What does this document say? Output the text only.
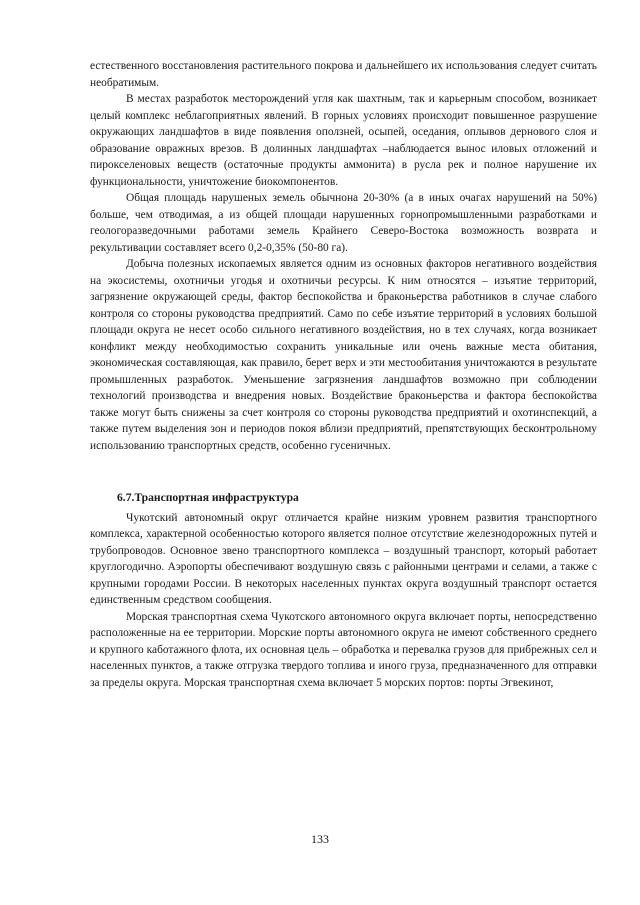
естественного восстановления растительного покрова и дальнейшего их использования следует считать необратимым.

В местах разработок месторождений угля как шахтным, так и карьерным способом, возникает целый комплекс неблагоприятных явлений. В горных условиях происходит повышенное разрушение окружающих ландшафтов в виде появления оползней, осыпей, оседания, оплывов дернового слоя и образование овражных врезов. В долинных ландшафтах –наблюдается вынос иловых отложений и пирокселеновых веществ (остаточные продукты аммонита) в русла рек и полное нарушение их функциональности, уничтожение биокомпонентов.

Общая площадь нарушеных земель обычнона 20-30% (а в иных очагах нарушений на 50%) больше, чем отводимая, а из общей площади нарушенных горнопромышленными разработками и геологоразведочными работами земель Крайнего Северо-Востока возможность возврата и рекультивации составляет всего 0,2-0,35% (50-80 га).

Добыча полезных ископаемых является одним из основных факторов негативного воздействия на экосистемы, охотничьи угодья и охотничьи ресурсы. К ним относятся – изъятие территорий, загрязнение окружающей среды, фактор беспокойства и браконьерства работников в случае слабого контроля со стороны руководства предприятий. Само по себе изъятие территорий в условиях большой площади округа не несет особо сильного негативного воздействия, но в тех случаях, когда возникает конфликт между необходимостью сохранить уникальные или очень важные места обитания, экономическая составляющая, как правило, берет верх и эти местообитания уничтожаются в результате промышленных разработок. Уменьшение загрязнения ландшафтов возможно при соблюдении технологий производства и внедрения новых. Воздействие браконьерства и фактора беспокойства также могут быть снижены за счет контроля со стороны руководства предприятий и охотинспекций, а также путем выделения зон и периодов покоя вблизи предприятий, препятствующих бесконтрольному использованию транспортных средств, особенно гусеничных.

6.7.Транспортная инфраструктура

Чукотский автономный округ отличается крайне низким уровнем развития транспортного комплекса, характерной особенностью которого является полное отсутствие железнодорожных путей и трубопроводов. Основное звено транспортного комплекса – воздушный транспорт, который работает круглогодично. Аэропорты обеспечивают воздушную связь с районными центрами и селами, а также с крупными городами России. В некоторых населенных пунктах округа воздушный транспорт остается единственным средством сообщения.

Морская транспортная схема Чукотского автономного округа включает порты, непосредственно расположенные на ее территории. Морские порты автономного округа не имеют собственного среднего и крупного каботажного флота, их основная цель – обработка и перевалка грузов для прибрежных сел и населенных пунктов, а также отгрузка твердого топлива и иного груза, предназначенного для отправки за пределы округа. Морская транспортная схема включает 5 морских портов: порты Эгвекинот,

133
